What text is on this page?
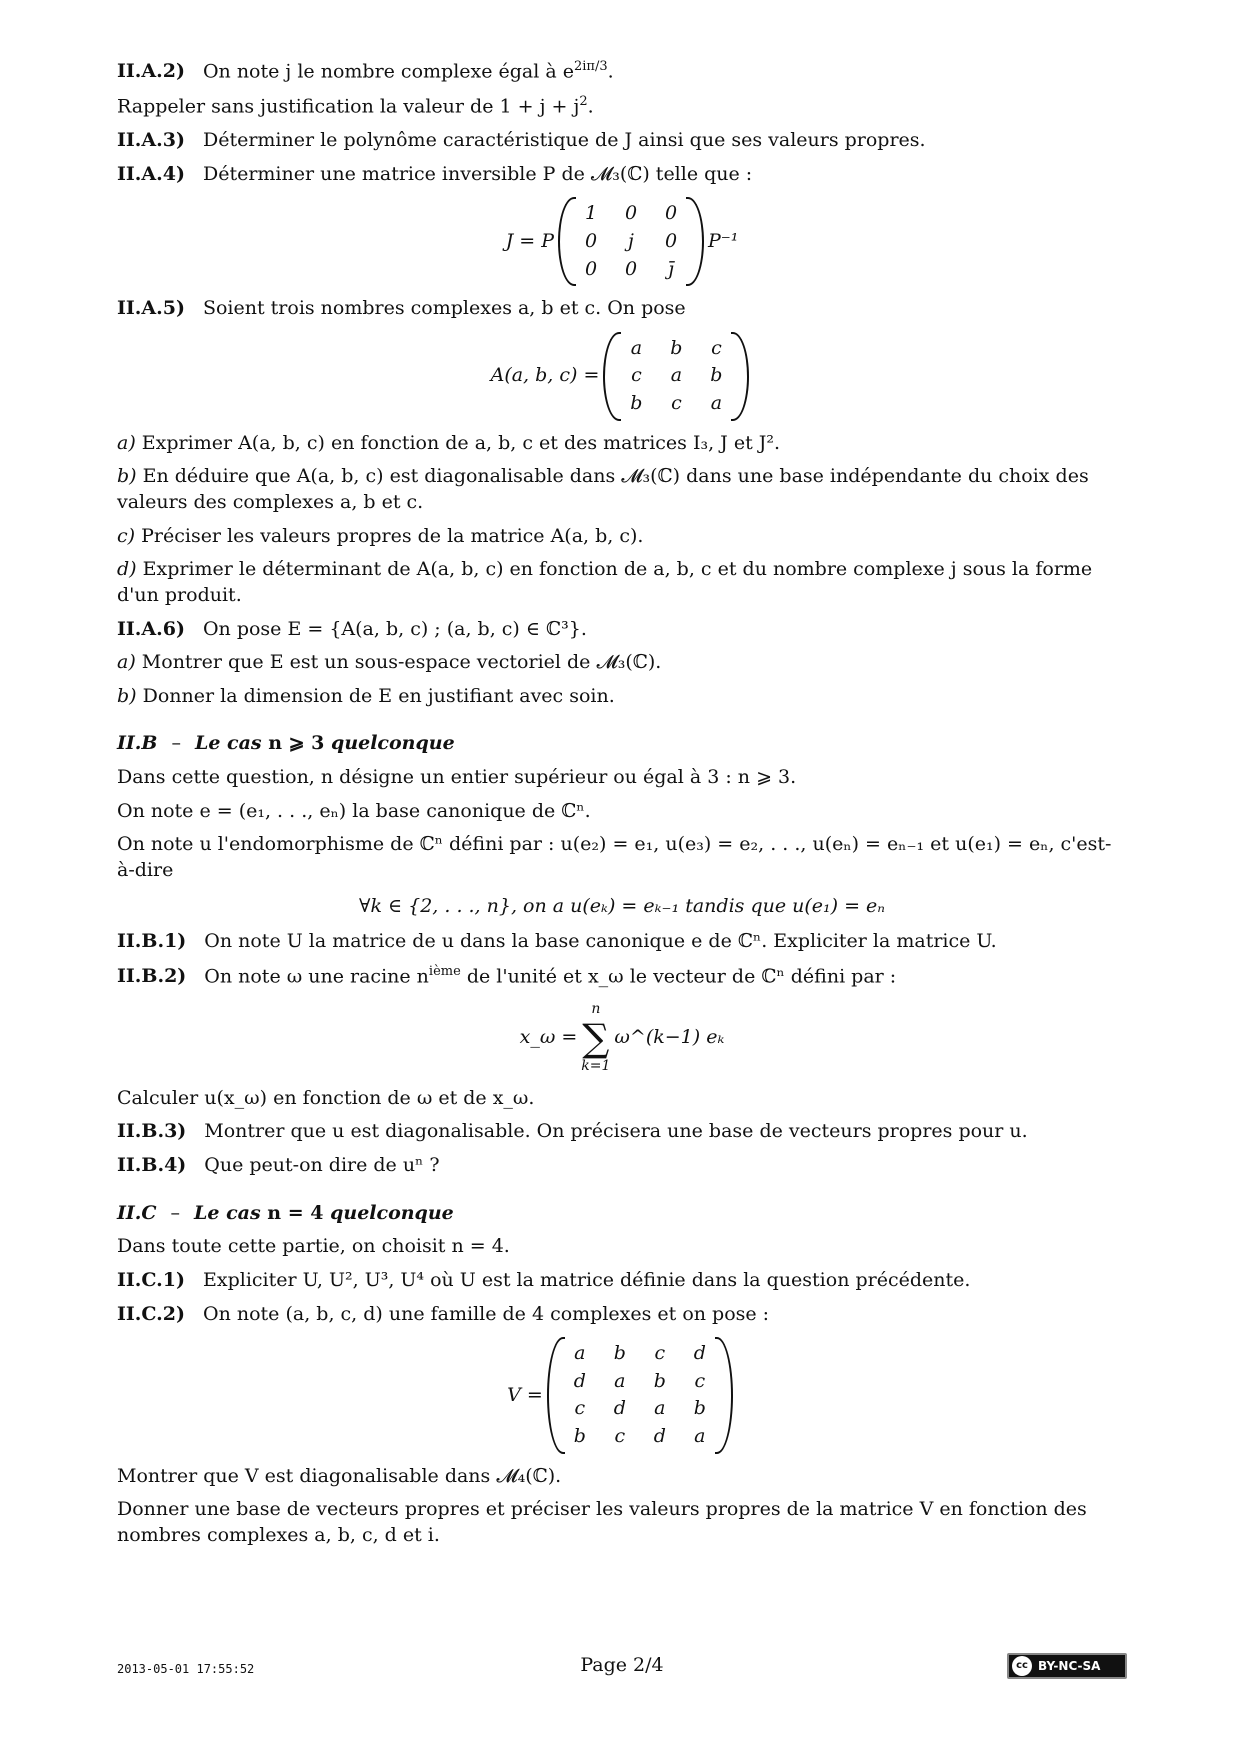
II.A.2) On note j le nombre complexe égal à $e^{2i\pi/3}$.

Rappeler sans justification la valeur de $1 + j + j^2$.

II.A.3) Déterminer le polynôme caractéristique de J ainsi que ses valeurs propres.

II.A.4) Déterminer une matrice inversible P de 𝓜₃(ℂ) telle que :

J = P
1 0 0
0	j	0
0 0	j̄
P⁻¹

II.A.5) Soient trois nombres complexes a, b et c. On pose

A(a, b, c) =
a b c
c a b
b c a

a) Exprimer A(a, b, c) en fonction de a, b, c et des matrices I₃, J et J².

b) En déduire que A(a, b, c) est diagonalisable dans 𝓜₃(ℂ) dans une base indépendante du choix des valeurs des complexes a, b et c.

c) Préciser les valeurs propres de la matrice A(a, b, c).

d) Exprimer le déterminant de A(a, b, c) en fonction de a, b, c et du nombre complexe j sous la forme d'un produit.

II.A.6) On pose E = {A(a, b, c) ; (a, b, c) ∈ ℂ³}.

a) Montrer que E est un sous-espace vectoriel de 𝓜₃(ℂ).

b) Donner la dimension de E en justifiant avec soin.

II.B – Le cas n ⩾ 3 quelconque

Dans cette question, n désigne un entier supérieur ou égal à 3 : n ⩾ 3.

On note e = (e₁, . . ., eₙ) la base canonique de ℂⁿ.

On note u l'endomorphisme de ℂⁿ défini par : u(e₂) = e₁, u(e₃) = e₂, . . ., u(eₙ) = eₙ₋₁ et u(e₁) = eₙ, c'est-à-dire

∀k ∈ {2, . . ., n}, on a u(eₖ) = eₖ₋₁ tandis que u(e₁) = eₙ

II.B.1) On note U la matrice de u dans la base canonique e de ℂⁿ. Expliciter la matrice U.

II.B.2) On note ω une racine $n^{ième}$ de l'unité et x_ω le vecteur de ℂⁿ défini par :

x_ω =
n
∑
k=1
ω^(k−1) eₖ

Calculer u(x_ω) en fonction de ω et de x_ω.

II.B.3) Montrer que u est diagonalisable. On précisera une base de vecteurs propres pour u.

II.B.4) Que peut-on dire de uⁿ ?

II.C – Le cas n = 4 quelconque

Dans toute cette partie, on choisit n = 4.

II.C.1) Expliciter U, U², U³, U⁴ où U est la matrice définie dans la question précédente.

II.C.2) On note (a, b, c, d) une famille de 4 complexes et on pose :

V =
a b c d
d a b c
c d a b
b c d a

Montrer que V est diagonalisable dans 𝓜₄(ℂ).

Donner une base de vecteurs propres et préciser les valeurs propres de la matrice V en fonction des nombres complexes a, b, c, d et i.

2013-05-01 17:55:52	Page 2/4	cc BY-NC-SA
